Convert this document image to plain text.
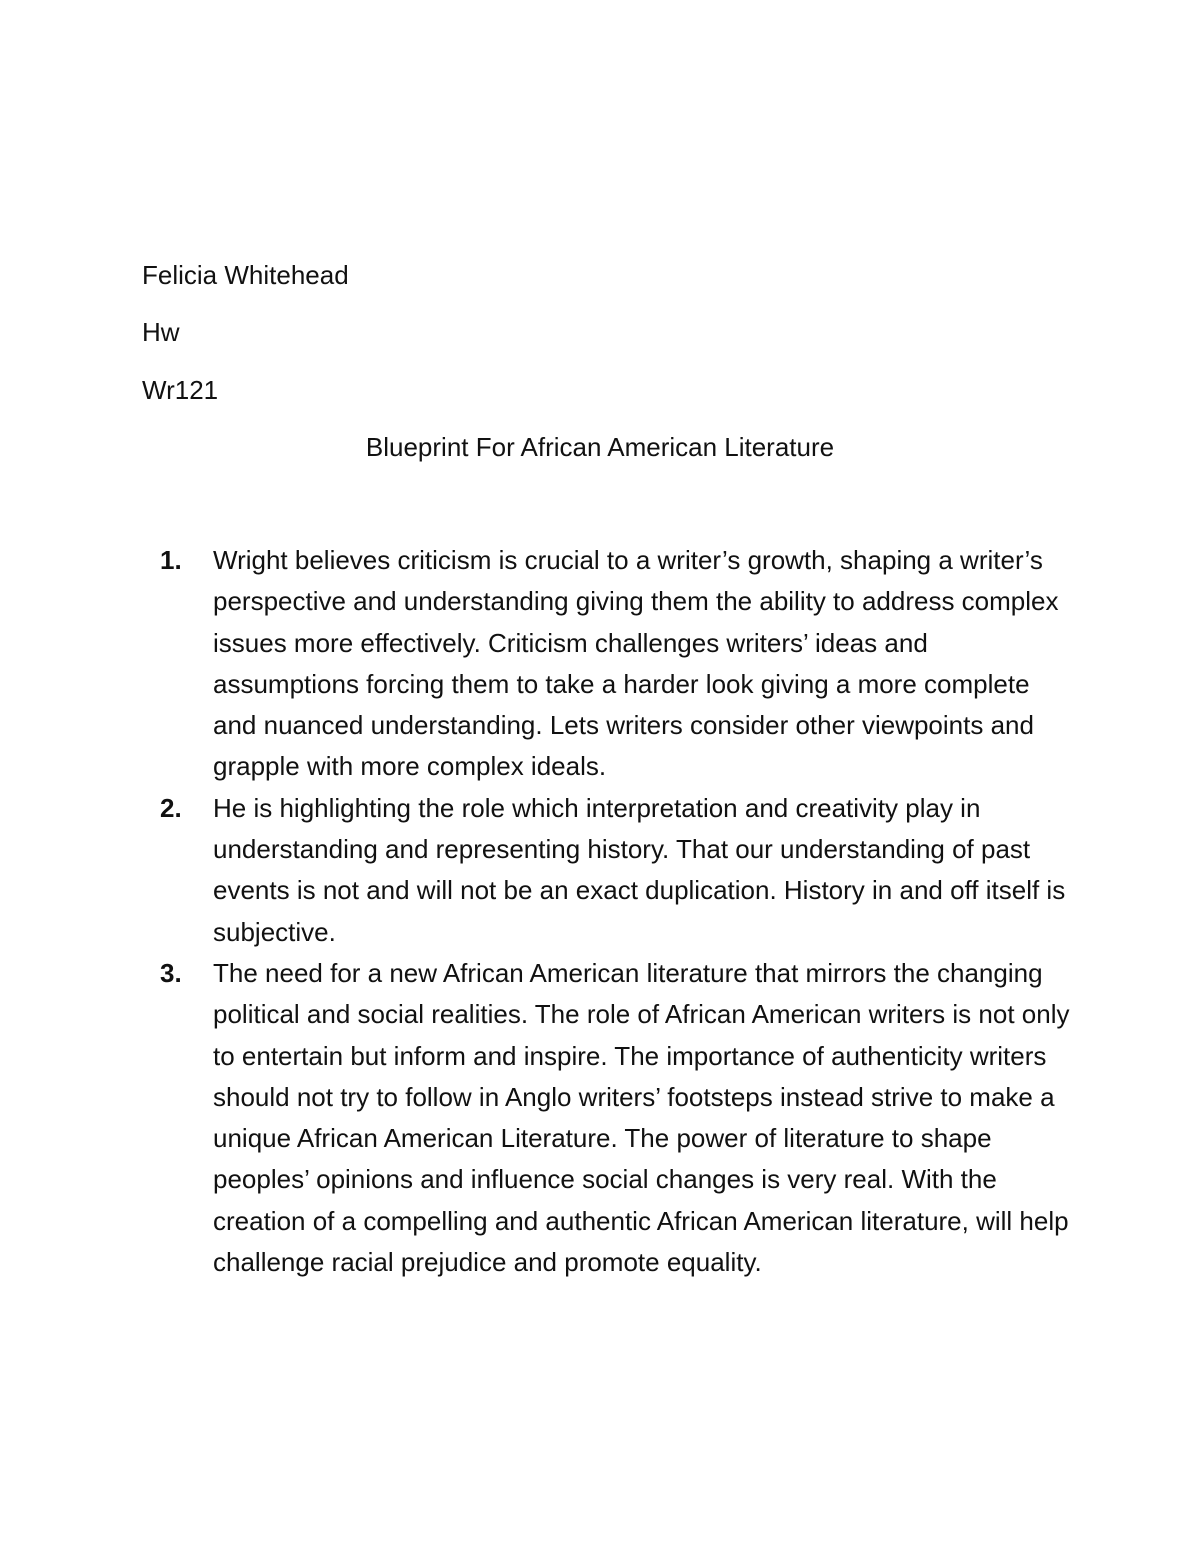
Felicia Whitehead
Hw
Wr121
Blueprint For African American Literature
1. Wright believes criticism is crucial to a writer’s growth, shaping a writer’s perspective and understanding giving them the ability to address complex issues more effectively. Criticism challenges writers’ ideas and assumptions forcing them to take a harder look giving a more complete and nuanced understanding. Lets writers consider other viewpoints and grapple with more complex ideals.
2. He is highlighting the role which interpretation and creativity play in understanding and representing history. That our understanding of past events is not and will not be an exact duplication. History in and off itself is subjective.
3. The need for a new African American literature that mirrors the changing political and social realities. The role of African American writers is not only to entertain but inform and inspire. The importance of authenticity writers should not try to follow in Anglo writers’ footsteps instead strive to make a unique African American Literature. The power of literature to shape peoples’ opinions and influence social changes is very real. With the creation of a compelling and authentic African American literature, will help challenge racial prejudice and promote equality.
